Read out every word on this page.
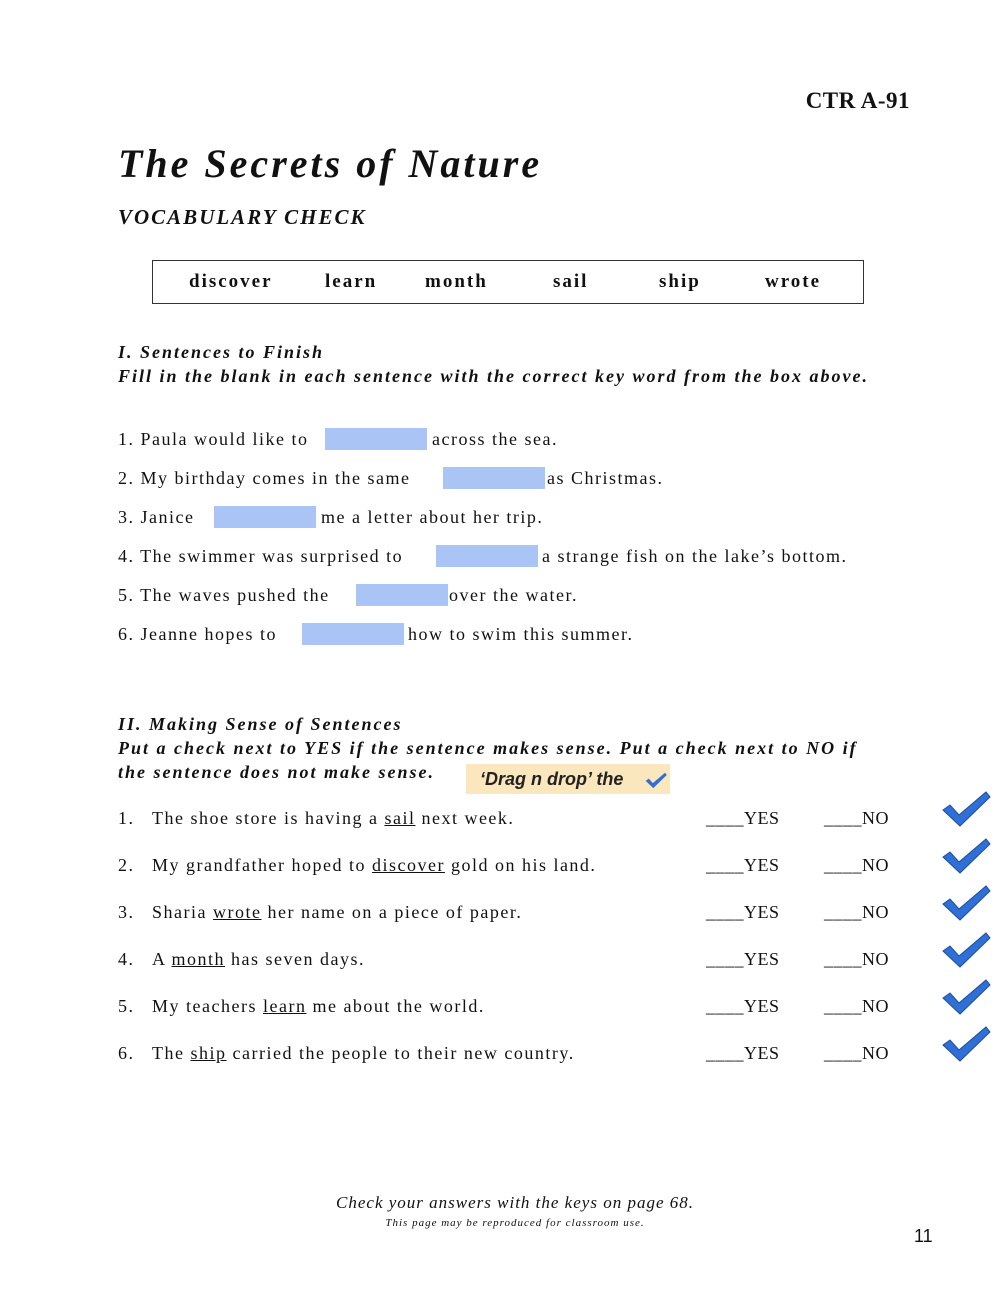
CTR A-91
The Secrets of Nature
VOCABULARY CHECK
discover	learn	month	sail	ship	wrote
I. Sentences to Finish
Fill in the blank in each sentence with the correct key word from the box above.
1. Paula would like to	across the sea.
2. My birthday comes in the same	as Christmas.
3. Janice	me a letter about her trip.
4. The swimmer was surprised to	a strange fish on the lake’s bottom.
5. The waves pushed the	over the water.
6. Jeanne hopes to	how to swim this summer.
II. Making Sense of Sentences
Put a check next to YES if the sentence makes sense. Put a check next to NO if
the sentence does not make sense.	‘Drag n drop’ the
1. The shoe store is having a sail next week.	____YES ____NO
2. My grandfather hoped to discover gold on his land.	____YES ____NO
3. Sharia wrote her name on a piece of paper.	____YES ____NO
4. A month has seven days.	____YES ____NO
5. My teachers learn me about the world.	____YES ____NO
6. The ship carried the people to their new country.	____YES ____NO
Check your answers with the keys on page 68.
This page may be reproduced for classroom use.
11
